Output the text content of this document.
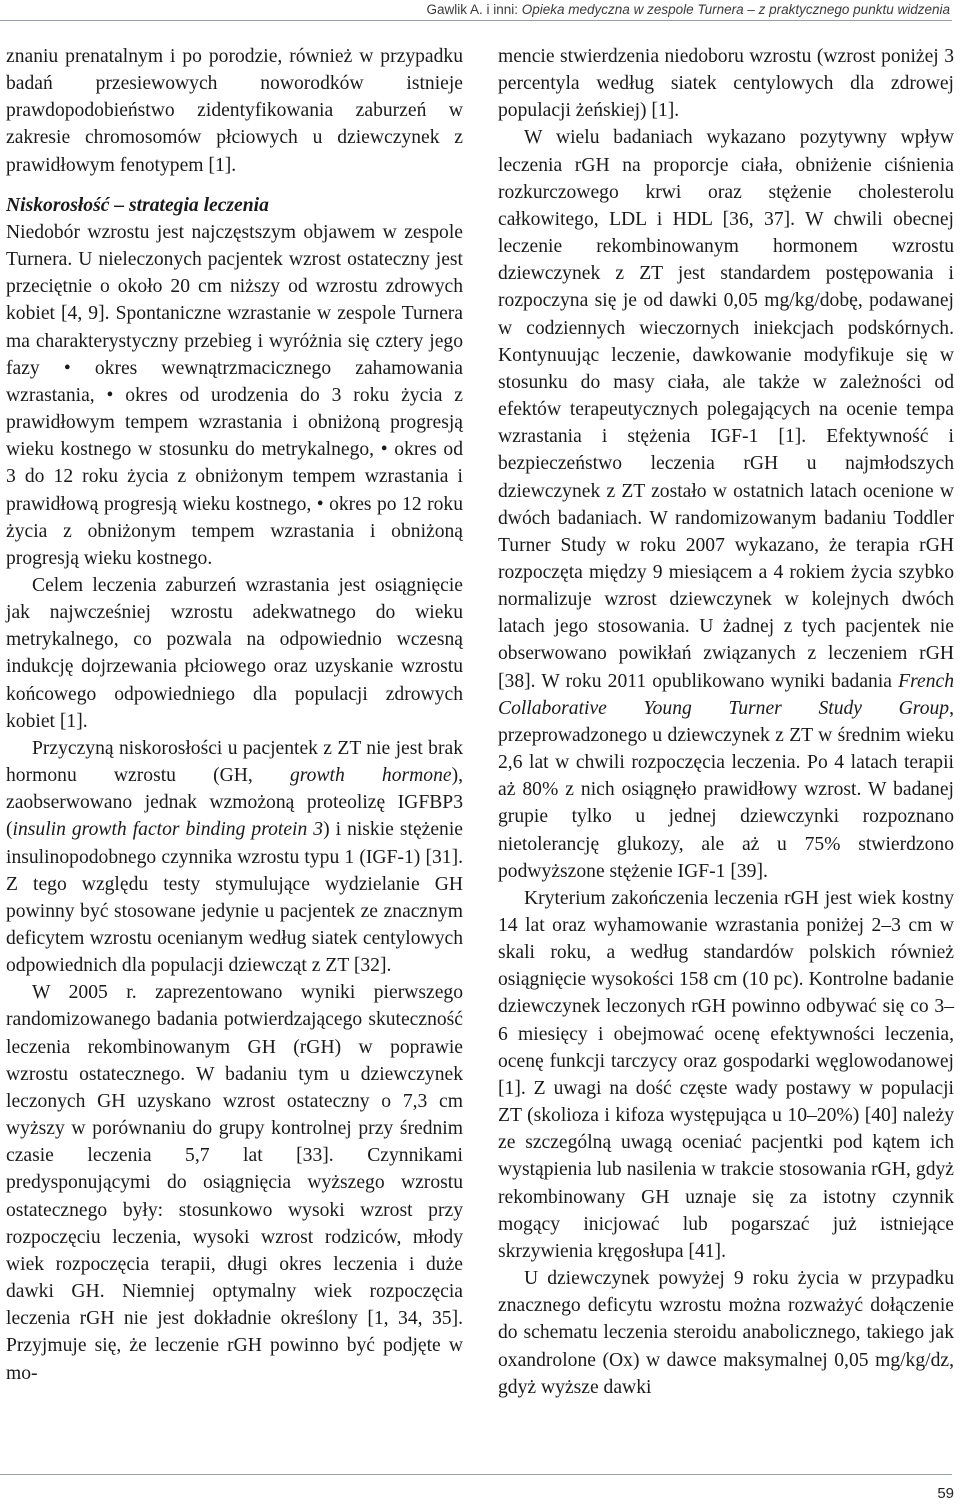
Gawlik A. i inni: Opieka medyczna w zespole Turnera – z praktycznego punktu widzenia

znaniu prenatalnym i po porodzie, również w przypadku badań przesiewowych noworodków istnieje prawdopodobieństwo zidentyfikowania zaburzeń w zakresie chromosomów płciowych u dziewczynek z prawidłowym fenotypem [1].

Niskorosłość – strategia leczenia

Niedobór wzrostu jest najczęstszym objawem w zespole Turnera. U nieleczonych pacjentek wzrost ostateczny jest przeciętnie o około 20 cm niższy od wzrostu zdrowych kobiet [4, 9]. Spontaniczne wzrastanie w zespole Turnera ma charakterystyczny przebieg i wyróżnia się cztery jego fazy • okres wewnątrzmacicznego zahamowania wzrastania, • okres od urodzenia do 3 roku życia z prawidłowym tempem wzrastania i obniżoną progresją wieku kostnego w stosunku do metrykalnego, • okres od 3 do 12 roku życia z obniżonym tempem wzrastania i prawidłową progresją wieku kostnego, • okres po 12 roku życia z obniżonym tempem wzrastania i obniżoną progresją wieku kostnego.

Celem leczenia zaburzeń wzrastania jest osiągnięcie jak najwcześniej wzrostu adekwatnego do wieku metrykalnego, co pozwala na odpowiednio wczesną indukcję dojrzewania płciowego oraz uzyskanie wzrostu końcowego odpowiedniego dla populacji zdrowych kobiet [1].

Przyczyną niskorosłości u pacjentek z ZT nie jest brak hormonu wzrostu (GH, growth hormone), zaobserwowano jednak wzmożoną proteolizę IGFBP3 (insulin growth factor binding protein 3) i niskie stężenie insulinopodobnego czynnika wzrostu typu 1 (IGF-1) [31]. Z tego względu testy stymulujące wydzielanie GH powinny być stosowane jedynie u pacjentek ze znacznym deficytem wzrostu ocenianym według siatek centylowych odpowiednich dla populacji dziewcząt z ZT [32].

W 2005 r. zaprezentowano wyniki pierwszego randomizowanego badania potwierdzającego skuteczność leczenia rekombinowanym GH (rGH) w poprawie wzrostu ostatecznego. W badaniu tym u dziewczynek leczonych GH uzyskano wzrost ostateczny o 7,3 cm wyższy w porównaniu do grupy kontrolnej przy średnim czasie leczenia 5,7 lat [33]. Czynnikami predysponującymi do osiągnięcia wyższego wzrostu ostatecznego były: stosunkowo wysoki wzrost przy rozpoczęciu leczenia, wysoki wzrost rodziców, młody wiek rozpoczęcia terapii, długi okres leczenia i duże dawki GH. Niemniej optymalny wiek rozpoczęcia leczenia rGH nie jest dokładnie określony [1, 34, 35]. Przyjmuje się, że leczenie rGH powinno być podjęte w mo-

mencie stwierdzenia niedoboru wzrostu (wzrost poniżej 3 percentyla według siatek centylowych dla zdrowej populacji żeńskiej) [1].

W wielu badaniach wykazano pozytywny wpływ leczenia rGH na proporcje ciała, obniżenie ciśnienia rozkurczowego krwi oraz stężenie cholesterolu całkowitego, LDL i HDL [36, 37]. W chwili obecnej leczenie rekombinowanym hormonem wzrostu dziewczynek z ZT jest standardem postępowania i rozpoczyna się je od dawki 0,05 mg/kg/dobę, podawanej w codziennych wieczornych iniekcjach podskórnych. Kontynuując leczenie, dawkowanie modyfikuje się w stosunku do masy ciała, ale także w zależności od efektów terapeutycznych polegających na ocenie tempa wzrastania i stężenia IGF-1 [1]. Efektywność i bezpieczeństwo leczenia rGH u najmłodszych dziewczynek z ZT zostało w ostatnich latach ocenione w dwóch badaniach. W randomizowanym badaniu Toddler Turner Study w roku 2007 wykazano, że terapia rGH rozpoczęta między 9 miesiącem a 4 rokiem życia szybko normalizuje wzrost dziewczynek w kolejnych dwóch latach jego stosowania. U żadnej z tych pacjentek nie obserwowano powikłań związanych z leczeniem rGH [38]. W roku 2011 opublikowano wyniki badania French Collaborative Young Turner Study Group, przeprowadzonego u dziewczynek z ZT w średnim wieku 2,6 lat w chwili rozpoczęcia leczenia. Po 4 latach terapii aż 80% z nich osiągnęło prawidłowy wzrost. W badanej grupie tylko u jednej dziewczynki rozpoznano nietolerancję glukozy, ale aż u 75% stwierdzono podwyższone stężenie IGF-1 [39].

Kryterium zakończenia leczenia rGH jest wiek kostny 14 lat oraz wyhamowanie wzrastania poniżej 2–3 cm w skali roku, a według standardów polskich również osiągnięcie wysokości 158 cm (10 pc). Kontrolne badanie dziewczynek leczonych rGH powinno odbywać się co 3–6 miesięcy i obejmować ocenę efektywności leczenia, ocenę funkcji tarczycy oraz gospodarki węglowodanowej [1]. Z uwagi na dość częste wady postawy w populacji ZT (skolioza i kifoza występująca u 10–20%) [40] należy ze szczególną uwagą oceniać pacjentki pod kątem ich wystąpienia lub nasilenia w trakcie stosowania rGH, gdyż rekombinowany GH uznaje się za istotny czynnik mogący inicjować lub pogarszać już istniejące skrzywienia kręgosłupa [41].

U dziewczynek powyżej 9 roku życia w przypadku znacznego deficytu wzrostu można rozważyć dołączenie do schematu leczenia steroidu anabolicznego, takiego jak oxandrolone (Ox) w dawce maksymalnej 0,05 mg/kg/dz, gdyż wyższe dawki

59
